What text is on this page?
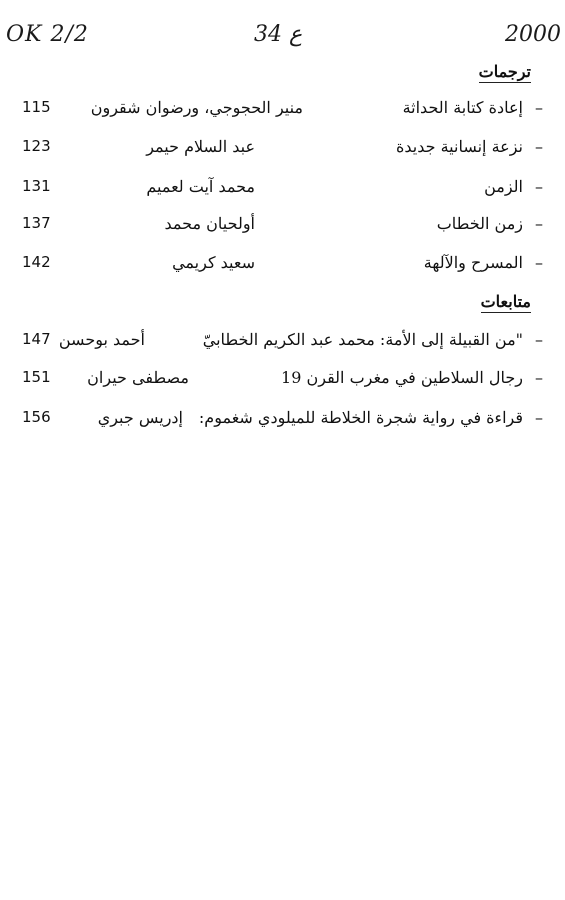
OK 2/2	34 ع	2000
ترجمات
–
إعادة كتابة الحداثة
منير الحجوجي، ورضوان شقرون
115
–
نزعة إنسانية جديدة
عبد السلام حيمر
123
–
الزمن
محمد آيت لعميم
131
–
زمن الخطاب
أولحيان محمد
137
–
المسرح والآلهة
سعيد كريمي
142
متابعات
–
"من القبيلة إلى الأمة: محمد عبد الكريم الخطابيّ
أحمد بوحسن
147
–
رجال السلاطين في مغرب القرن 19
مصطفى حيران
151
–
قراءة في رواية شجرة الخلاطة للميلودي شغموم:
إدريس جبري
156
